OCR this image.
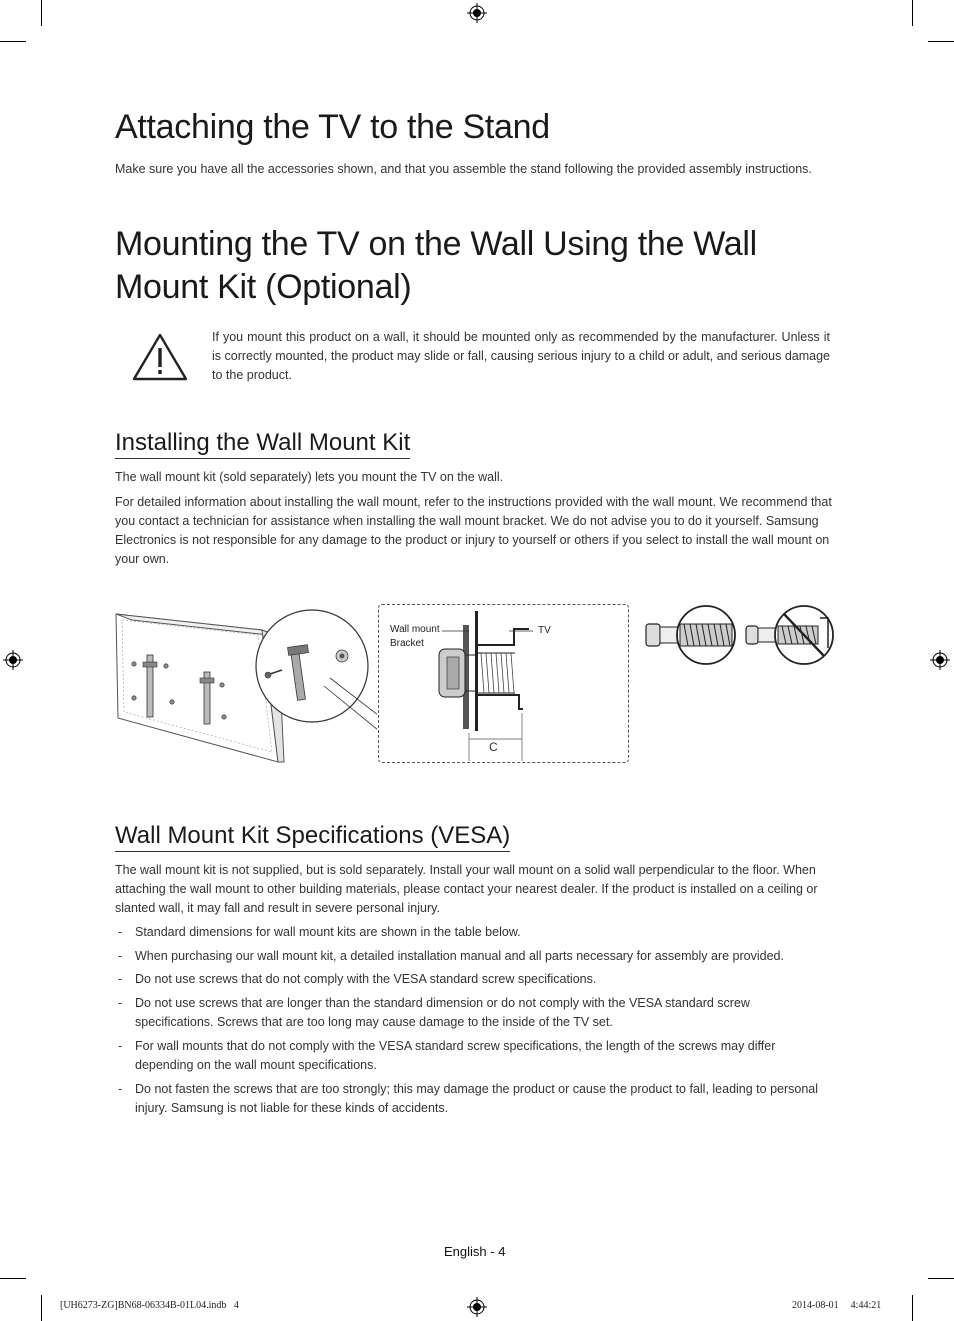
Attaching the TV to the Stand

Make sure you have all the accessories shown, and that you assemble the stand following the provided assembly instructions.

Mounting the TV on the Wall Using the Wall
Mount Kit (Optional)

If you mount this product on a wall, it should be mounted only as recommended by the manufacturer. Unless it is correctly mounted, the product may slide or fall, causing serious injury to a child or adult, and serious damage to the product.

Installing the Wall Mount Kit

The wall mount kit (sold separately) lets you mount the TV on the wall.

For detailed information about installing the wall mount, refer to the instructions provided with the wall mount. We recommend that you contact a technician for assistance when installing the wall mount bracket. We do not advise you to do it yourself. Samsung Electronics is not responsible for any damage to the product or injury to yourself or others if you select to install the wall mount on your own.

Wall mount
Bracket
TV
C
Wall Mount Kit Specifications (VESA)

The wall mount kit is not supplied, but is sold separately. Install your wall mount on a solid wall perpendicular to the floor. When attaching the wall mount to other building materials, please contact your nearest dealer. If the product is installed on a ceiling or slanted wall, it may fall and result in severe personal injury.

- Standard dimensions for wall mount kits are shown in the table below.
- When purchasing our wall mount kit, a detailed installation manual and all parts necessary for assembly are provided.
- Do not use screws that do not comply with the VESA standard screw specifications.
- Do not use screws that are longer than the standard dimension or do not comply with the VESA standard screw specifications. Screws that are too long may cause damage to the inside of the TV set.
- For wall mounts that do not comply with the VESA standard screw specifications, the length of the screws may differ depending on the wall mount specifications.
- Do not fasten the screws that are too strongly; this may damage the product or cause the product to fall, leading to personal injury. Samsung is not liable for these kinds of accidents.
English - 4
[UH6273-ZG]BN68-06334B-01L04.indb   4	2014-08-01     4:44:21
